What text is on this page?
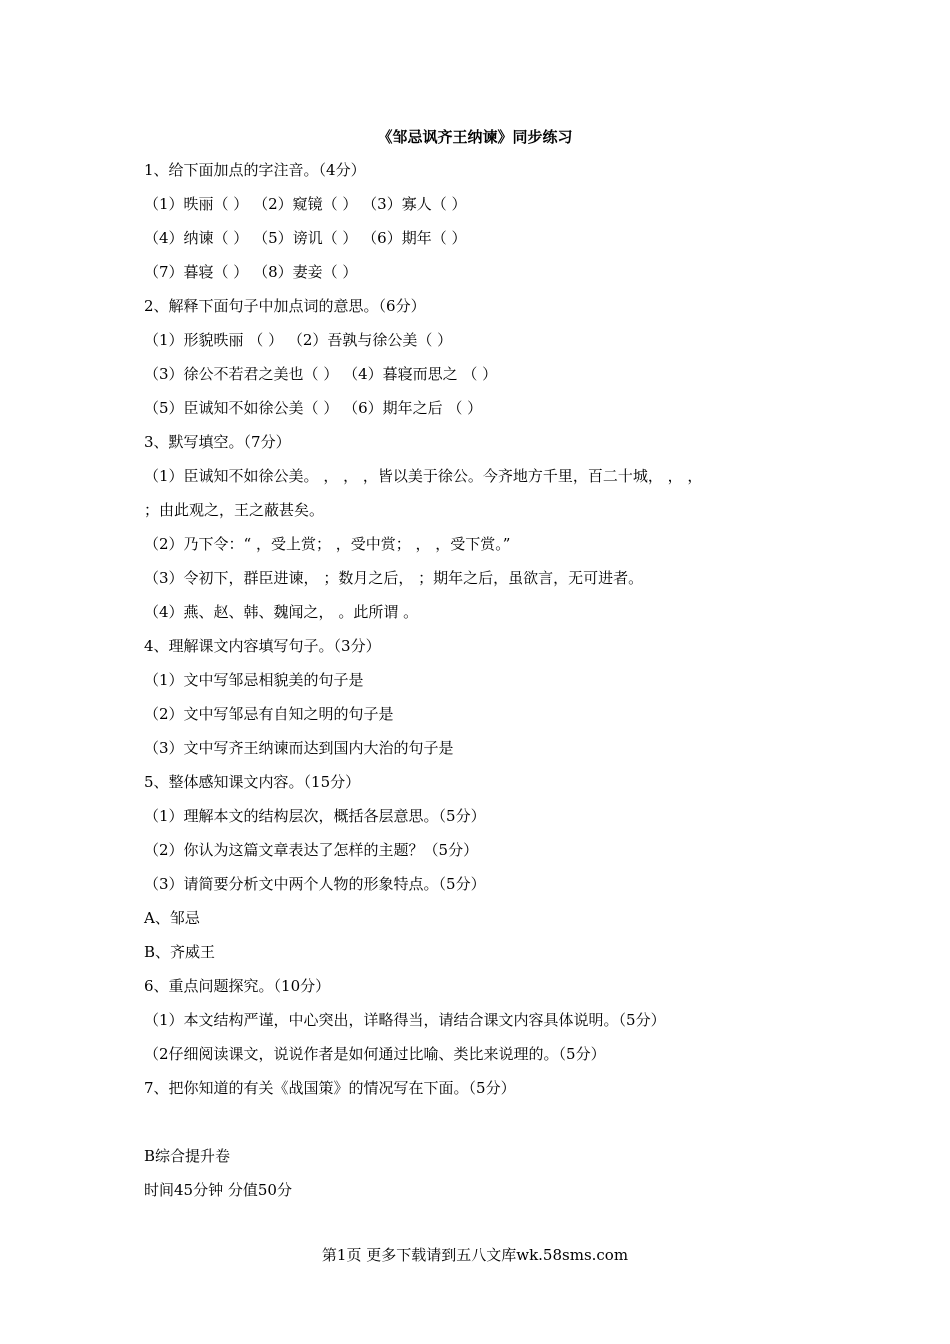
《邹忌讽齐王纳谏》同步练习
1、给下面加点的字注音。（4分）
（1）昳丽（ ） （2）窥镜（ ） （3）寡人（ ）
（4）纳谏（ ） （5）谤讥（ ） （6）期年（ ）
（7）暮寝（ ） （8）妻妾（ ）
2、解释下面句子中加点词的意思。（6分）
（1）形貌昳丽 （ ） （2）吾孰与徐公美（ ）
（3）徐公不若君之美也（ ） （4）暮寝而思之 （ ）
（5）臣诚知不如徐公美（ ） （6）期年之后 （ ）
3、默写填空。（7分）
（1）臣诚知不如徐公美。 ， ， ，皆以美于徐公。今齐地方千里，百二十城， ， ，
；由此观之，王之蔽甚矣。
（2）乃下令：“ ，受上赏； ，受中赏； ， ，受下赏。”
（3）令初下，群臣进谏， ；数月之后， ；期年之后，虽欲言，无可进者。
（4）燕、赵、韩、魏闻之， 。此所谓 。
4、理解课文内容填写句子。（3分）
（1）文中写邹忌相貌美的句子是
（2）文中写邹忌有自知之明的句子是
（3）文中写齐王纳谏而达到国内大治的句子是
5、整体感知课文内容。（15分）
（1）理解本文的结构层次，概括各层意思。（5分）
（2）你认为这篇文章表达了怎样的主题？（5分）
（3）请简要分析文中两个人物的形象特点。（5分）
A、邹忌
B、齐威王
6、重点问题探究。（10分）
（1）本文结构严谨，中心突出，详略得当，请结合课文内容具体说明。（5分）
（2仔细阅读课文，说说作者是如何通过比喻、类比来说理的。（5分）
7、把你知道的有关《战国策》的情况写在下面。（5分）
B综合提升卷
时间45分钟 分值50分
第1页 更多下载请到五八文库wk.58sms.com
